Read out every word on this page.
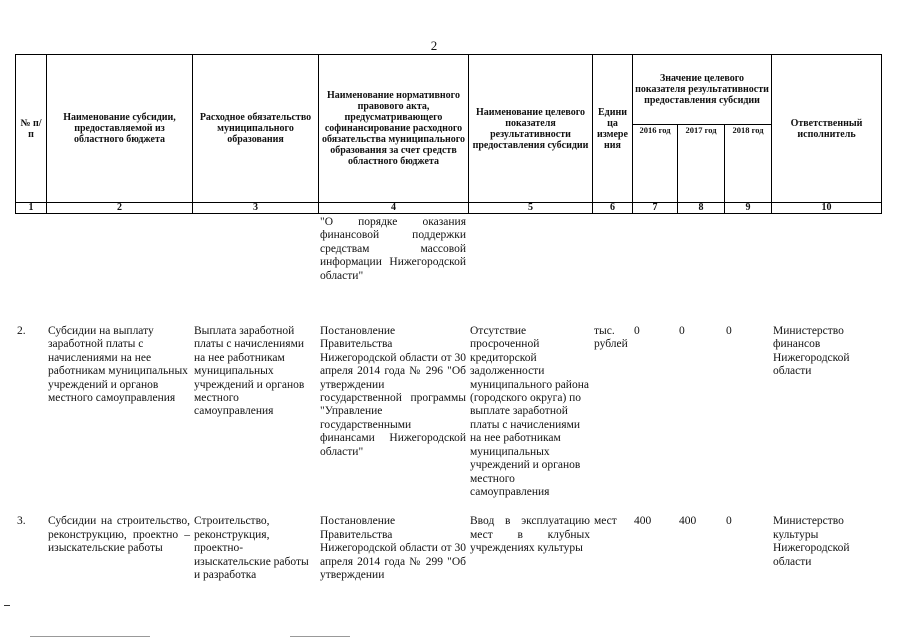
2
№ п/п	Наименование субсидии, предоставляемой из областного бюджета	Расходное обязательство муниципального образования	Наименование нормативного правового акта, предусматривающего софинансирование расходного обязательства муниципального образования за счет средств областного бюджета	Наименование целевого показателя результативности предоставления субсидии	Едини ца измере ния	Значение целевого показателя результативности предоставления субсидии			Ответственный исполнитель
						2016 год	2017 год	2018 год	
1	2	3	4	5	6	7	8	9	10
			"О порядке оказания финансовой поддержки средствам массовой информации Нижегородской области"						

2.	Субсидии на выплату заработной платы с начислениями на нее работникам муниципальных учреждений и органов местного самоуправления	Выплата заработной платы с начислениями на нее работникам муниципальных учреждений и органов местного самоуправления	Постановление Правительства Нижегородской области от 30 апреля 2014 года № 296 "Об утверждении государственной программы "Управление государственными финансами Нижегородской области"	Отсутствие просроченной кредиторской задолженности муниципального района (городского округа) по выплате заработной платы с начислениями на нее работникам муниципальных учреждений и органов местного самоуправления	тыс. рублей	0	0	0	Министерство финансов Нижегородской области

3.	Субсидии на строительство, реконструкцию, проектно – изыскательские работы	Строительство, реконструкция, проектно-изыскательские работы и разработка	Постановление Правительства Нижегородской области от 30 апреля 2014 года № 299 "Об утверждении	Ввод в эксплуатацию мест в клубных учреждениях культуры	мест	400	400	0	Министерство культуры Нижегородской области
